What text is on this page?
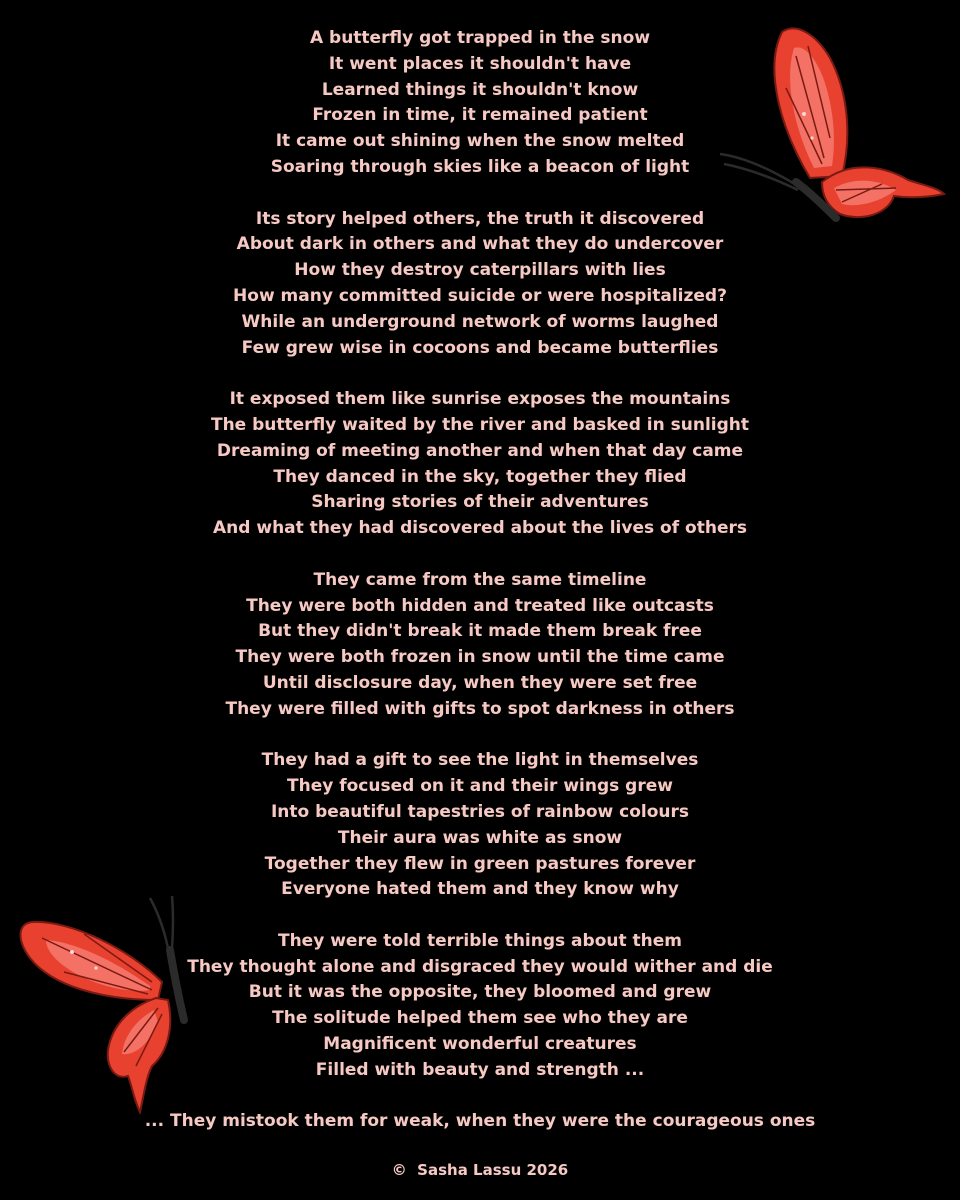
A butterfly got trapped in the snow
It went places it shouldn't have
Learned things it shouldn't know
Frozen in time, it remained patient
It came out shining when the snow melted
Soaring through skies like a beacon of light
Its story helped others, the truth it discovered
About dark in others and what they do undercover
How they destroy caterpillars with lies
How many committed suicide or were hospitalized?
While an underground network of worms laughed
Few grew wise in cocoons and became butterflies
It exposed them like sunrise exposes the mountains
The butterfly waited by the river and basked in sunlight
Dreaming of meeting another and when that day came
They danced in the sky, together they flied
Sharing stories of their adventures
And what they had discovered about the lives of others
They came from the same timeline
They were both hidden and treated like outcasts
But they didn't break it made them break free
They were both frozen in snow until the time came
Until disclosure day, when they were set free
They were filled with gifts to spot darkness in others
They had a gift to see the light in themselves
They focused on it and their wings grew
Into beautiful tapestries of rainbow colours
Their aura was white as snow
Together they flew in green pastures forever
Everyone hated them and they know why
They were told terrible things about them
They thought alone and disgraced they would wither and die
But it was the opposite, they bloomed and grew
The solitude helped them see who they are
Magnificent wonderful creatures
Filled with beauty and strength ...
... They mistook them for weak, when they were the courageous ones
©  Sasha Lassu 2026
